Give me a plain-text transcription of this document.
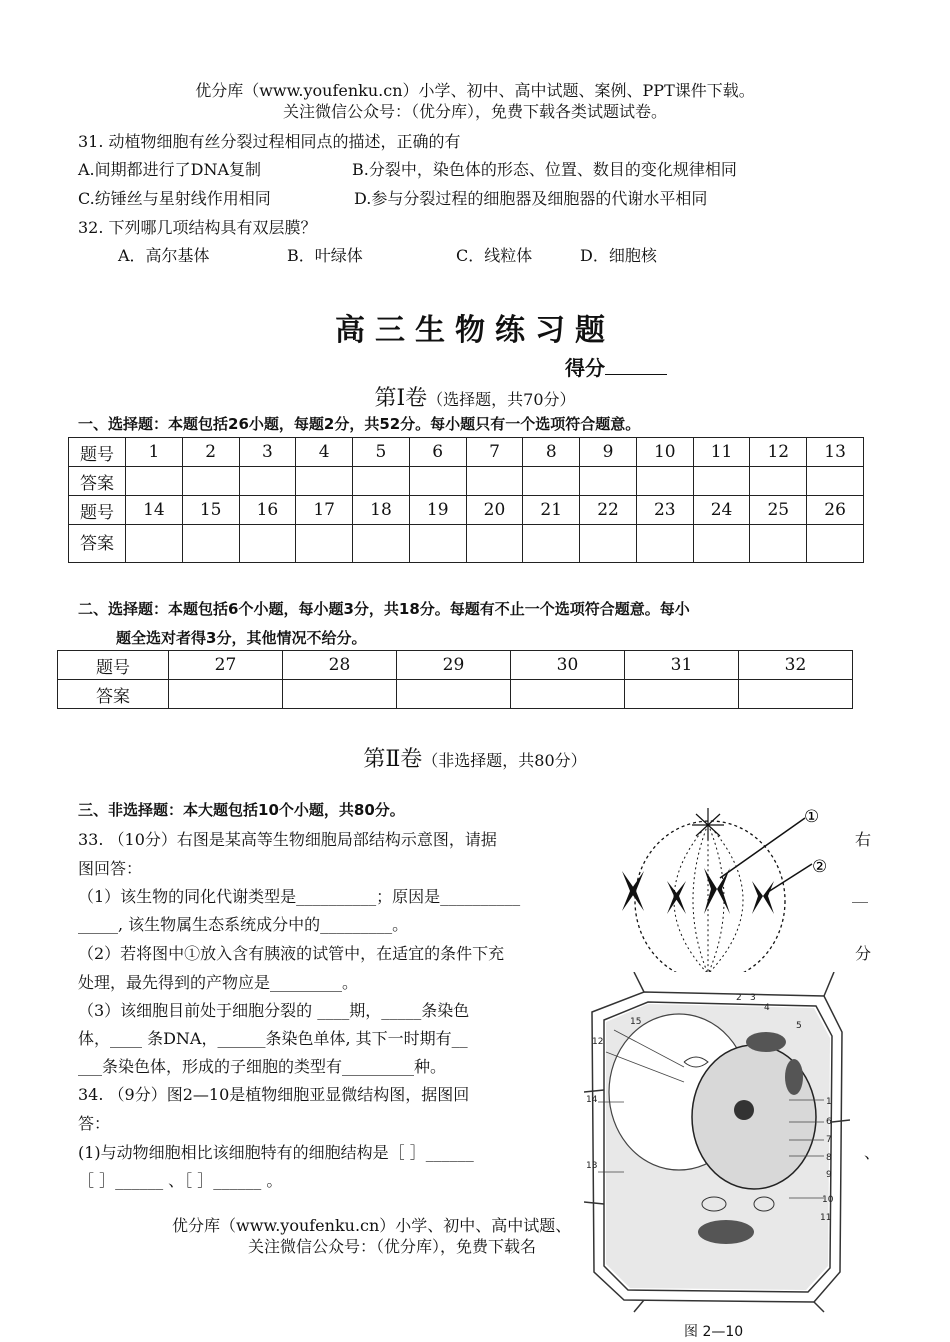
优分库（www.youfenku.cn）小学、初中、高中试题、案例、PPT课件下载。
关注微信公众号：（优分库），免费下载各类试题试卷。
31. 动植物细胞有丝分裂过程相同点的描述，正确的有
A.间期都进行了DNA复制	B.分裂中，染色体的形态、位置、数目的变化规律相同
C.纺锤丝与星射线作用相同	D.参与分裂过程的细胞器及细胞器的代谢水平相同
32. 下列哪几项结构具有双层膜？
A．高尔基体	B．叶绿体	C．线粒体	D．细胞核
高三生物练习题
得分
第Ⅰ卷（选择题，共70分）
一、选择题：本题包括26小题，每题2分，共52分。每小题只有一个选项符合题意。
题号	1	2	3	4	5	6	7	8	9	10	11	12	13
答案													
题号	14	15	16	17	18	19	20	21	22	23	24	25	26
答案													
二、选择题：本题包括6个小题，每小题3分，共18分。每题有不止一个选项符合题意。每小
题全选对者得3分，其他情况不给分。
题号	27	28	29	30	31	32
答案						
第Ⅱ卷（非选择题，共80分）
三、非选择题：本大题包括10个小题，共80分。
33. （10分）右图是某高等生物细胞局部结构示意图，请据	右
图回答：
（1）该生物的同化代谢类型是__________；原因是__________	__
_____, 该生物属生态系统成分中的_________。
（2）若将图中①放入含有胰液的试管中，在适宜的条件下充	分
处理，最先得到的产物应是_________。
（3）该细胞目前处于细胞分裂的 ____期，_____条染色
体，____ 条DNA，______条染色单体, 其下一时期有__
___条染色体，形成的子细胞的类型有_________种。
34. （9分）图2—10是植物细胞亚显微结构图，据图回
答：
(1)与动物细胞相比该细胞特有的细胞结构是［ ］______	、
［ ］______ 、［ ］______ 。
优分库（www.youfenku.cn）小学、初中、高中试题、
关注微信公众号：（优分库），免费下载名
①
②
2 3
4
5
1
6
7
8
9
10
11
12
13
14
15
图 2—10
